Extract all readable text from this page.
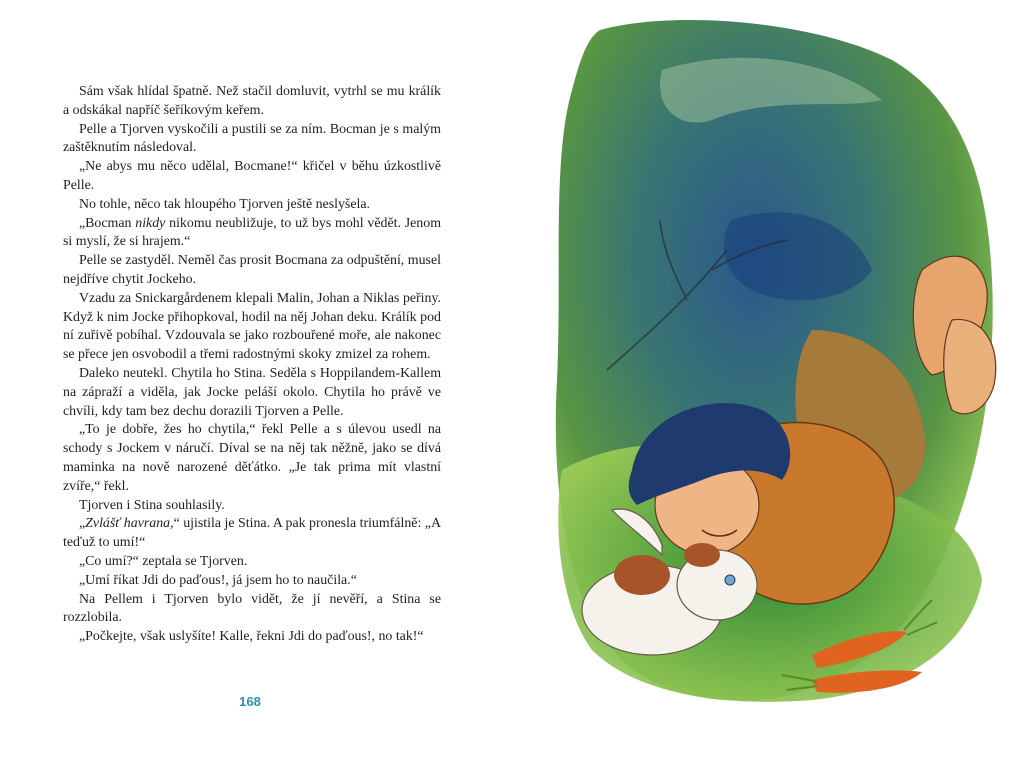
Sám však hlídal špatně. Než stačil domluvit, vytrhl se mu králík a odskákal napříč šeříkovým keřem.

Pelle a Tjorven vyskočili a pustili se za ním. Bocman je s malým zaštěknutím následoval.

„Ne abys mu něco udělal, Bocmane!“ křičel v běhu úzkostlivě Pelle.

No tohle, něco tak hloupého Tjorven ještě neslyšela.

„Bocman nikdy nikomu neubližuje, to už bys mohl vědět. Jenom si myslí, že si hrajem.“

Pelle se zastyděl. Neměl čas prosit Bocmana za odpuštění, musel nejdříve chytit Jockeho.

Vzadu za Snickargårdenem klepali Malin, Johan a Niklas peřiny. Když k nim Jocke přihopkoval, hodil na něj Johan deku. Králík pod ní zuřivě pobíhal. Vzdouvala se jako rozbouřené moře, ale nakonec se přece jen osvobodil a třemi radostnými skoky zmizel za rohem.

Daleko neutekl. Chytila ho Stina. Seděla s Hoppilandem-Kallem na zápraží a viděla, jak Jocke peláší okolo. Chytila ho právě ve chvíli, kdy tam bez dechu dorazili Tjorven a Pelle.

„To je dobře, žes ho chytila,“ řekl Pelle a s úlevou usedl na schody s Jockem v náručí. Díval se na něj tak něžně, jako se dívá maminka na nově narozené děťátko. „Je tak prima mít vlastní zvíře,“ řekl.

Tjorven i Stina souhlasily.

„Zvlášť havrana,“ ujistila je Stina. A pak pronesla triumfálně: „A teďuž to umí!“

„Co umí?“ zeptala se Tjorven.

„Umí říkat Jdi do paďous!, já jsem ho to naučila.“

Na Pellem i Tjorven bylo vidět, že jí nevěří, a Stina se rozzlobila.

„Počkejte, však uslyšíte! Kalle, řekni Jdi do paďous!, no tak!“

168
